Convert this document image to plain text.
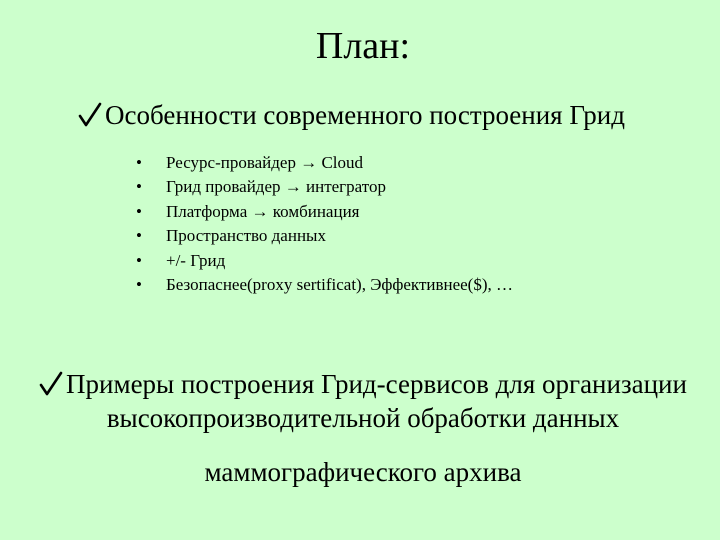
План:
Особенности современного построения Грид
• Ресурс-провайдер → Cloud
• Грид провайдер → интегратор
• Платформа → комбинация
• Пространство данных
• +/- Грид
• Безопаснее(proxy sertificat), Эффективнее($), …
Примеры построения Грид-сервисов для организации
высокопроизводительной обработки данных
маммографического архива
